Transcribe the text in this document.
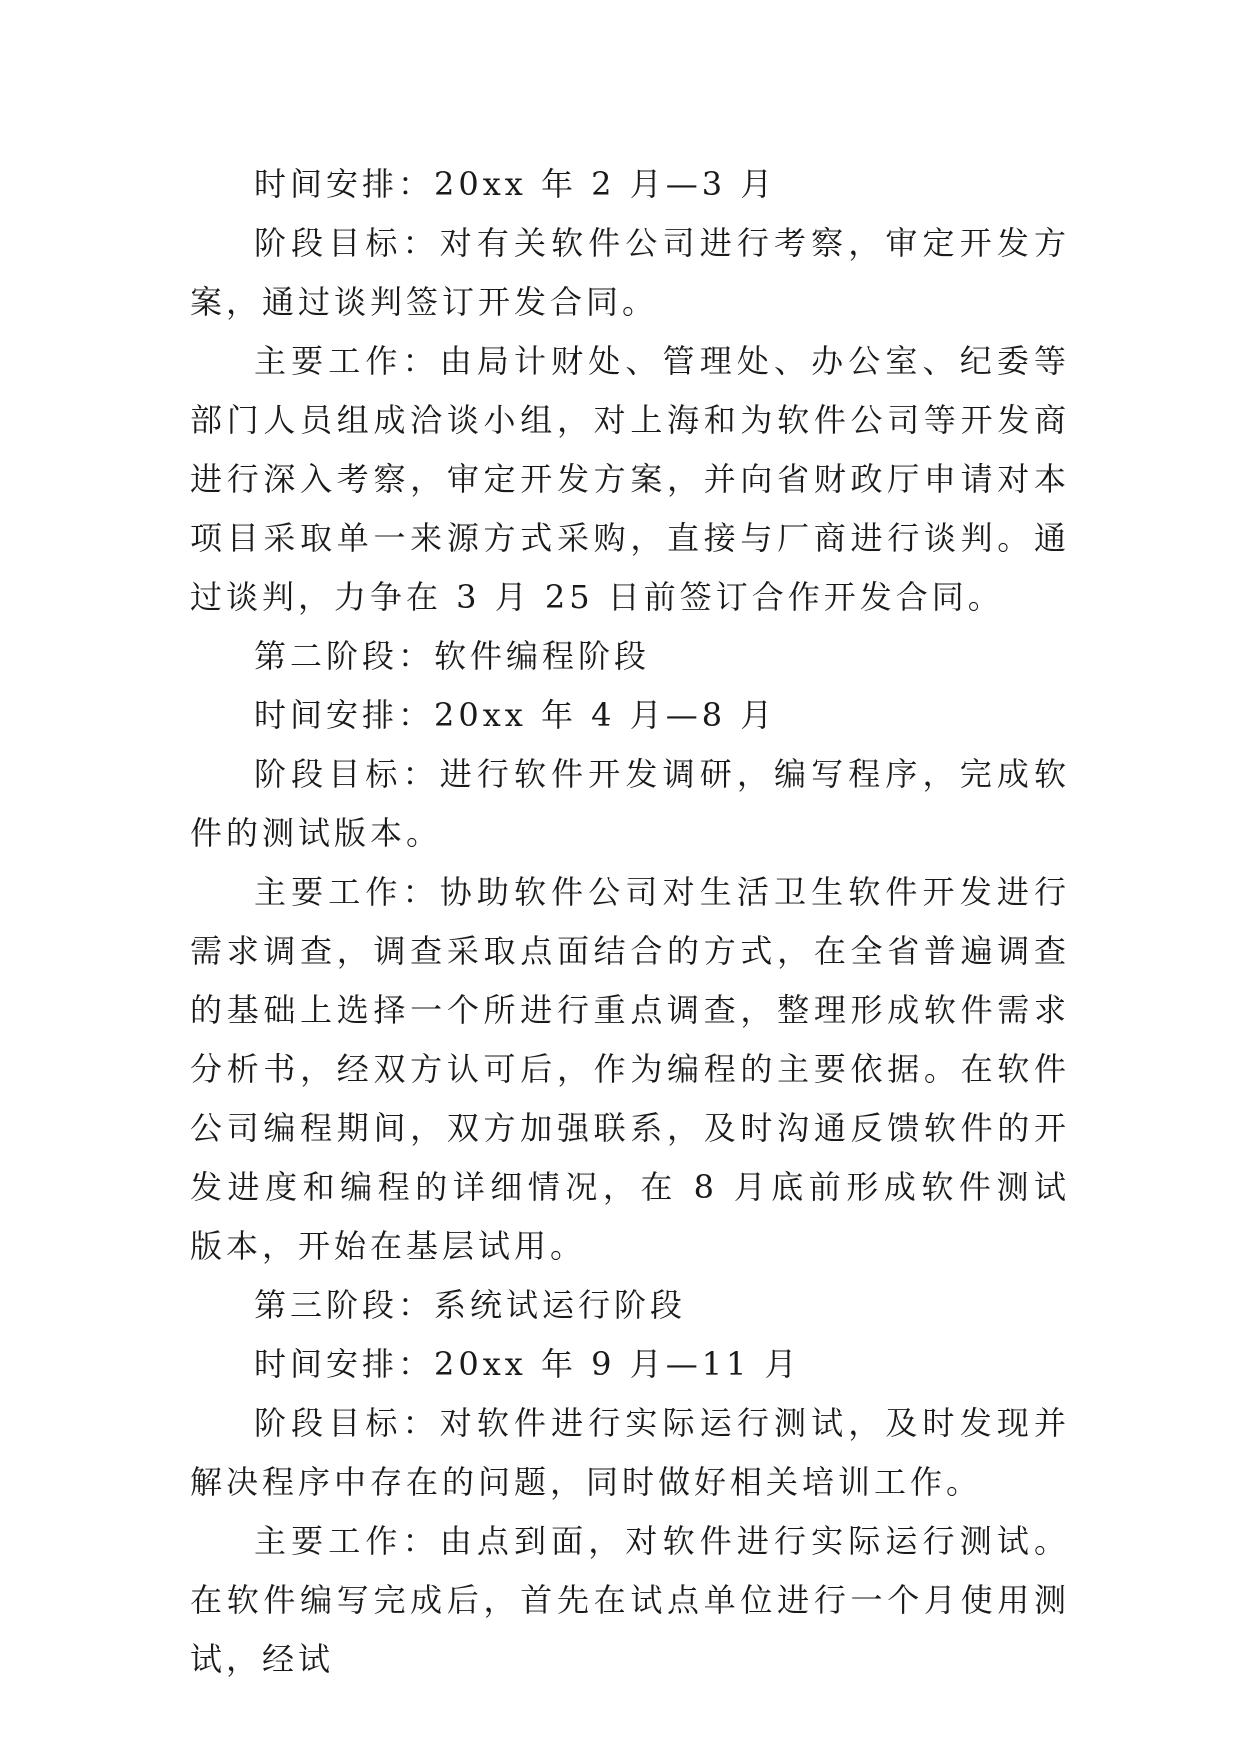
时间安排：20xx 年 2 月—3 月

阶段目标：对有关软件公司进行考察，审定开发方案，通过谈判签订开发合同。

主要工作：由局计财处、管理处、办公室、纪委等部门人员组成洽谈小组，对上海和为软件公司等开发商进行深入考察，审定开发方案，并向省财政厅申请对本项目采取单一来源方式采购，直接与厂商进行谈判。通过谈判，力争在 3 月 25 日前签订合作开发合同。

第二阶段：软件编程阶段

时间安排：20xx 年 4 月—8 月

阶段目标：进行软件开发调研，编写程序，完成软件的测试版本。

主要工作：协助软件公司对生活卫生软件开发进行需求调查，调查采取点面结合的方式，在全省普遍调查的基础上选择一个所进行重点调查，整理形成软件需求分析书，经双方认可后，作为编程的主要依据。在软件公司编程期间，双方加强联系，及时沟通反馈软件的开发进度和编程的详细情况，在 8 月底前形成软件测试版本，开始在基层试用。

第三阶段：系统试运行阶段

时间安排：20xx 年 9 月—11 月

阶段目标：对软件进行实际运行测试，及时发现并解决程序中存在的问题，同时做好相关培训工作。

主要工作：由点到面，对软件进行实际运行测试。在软件编写完成后，首先在试点单位进行一个月使用测试，经试
